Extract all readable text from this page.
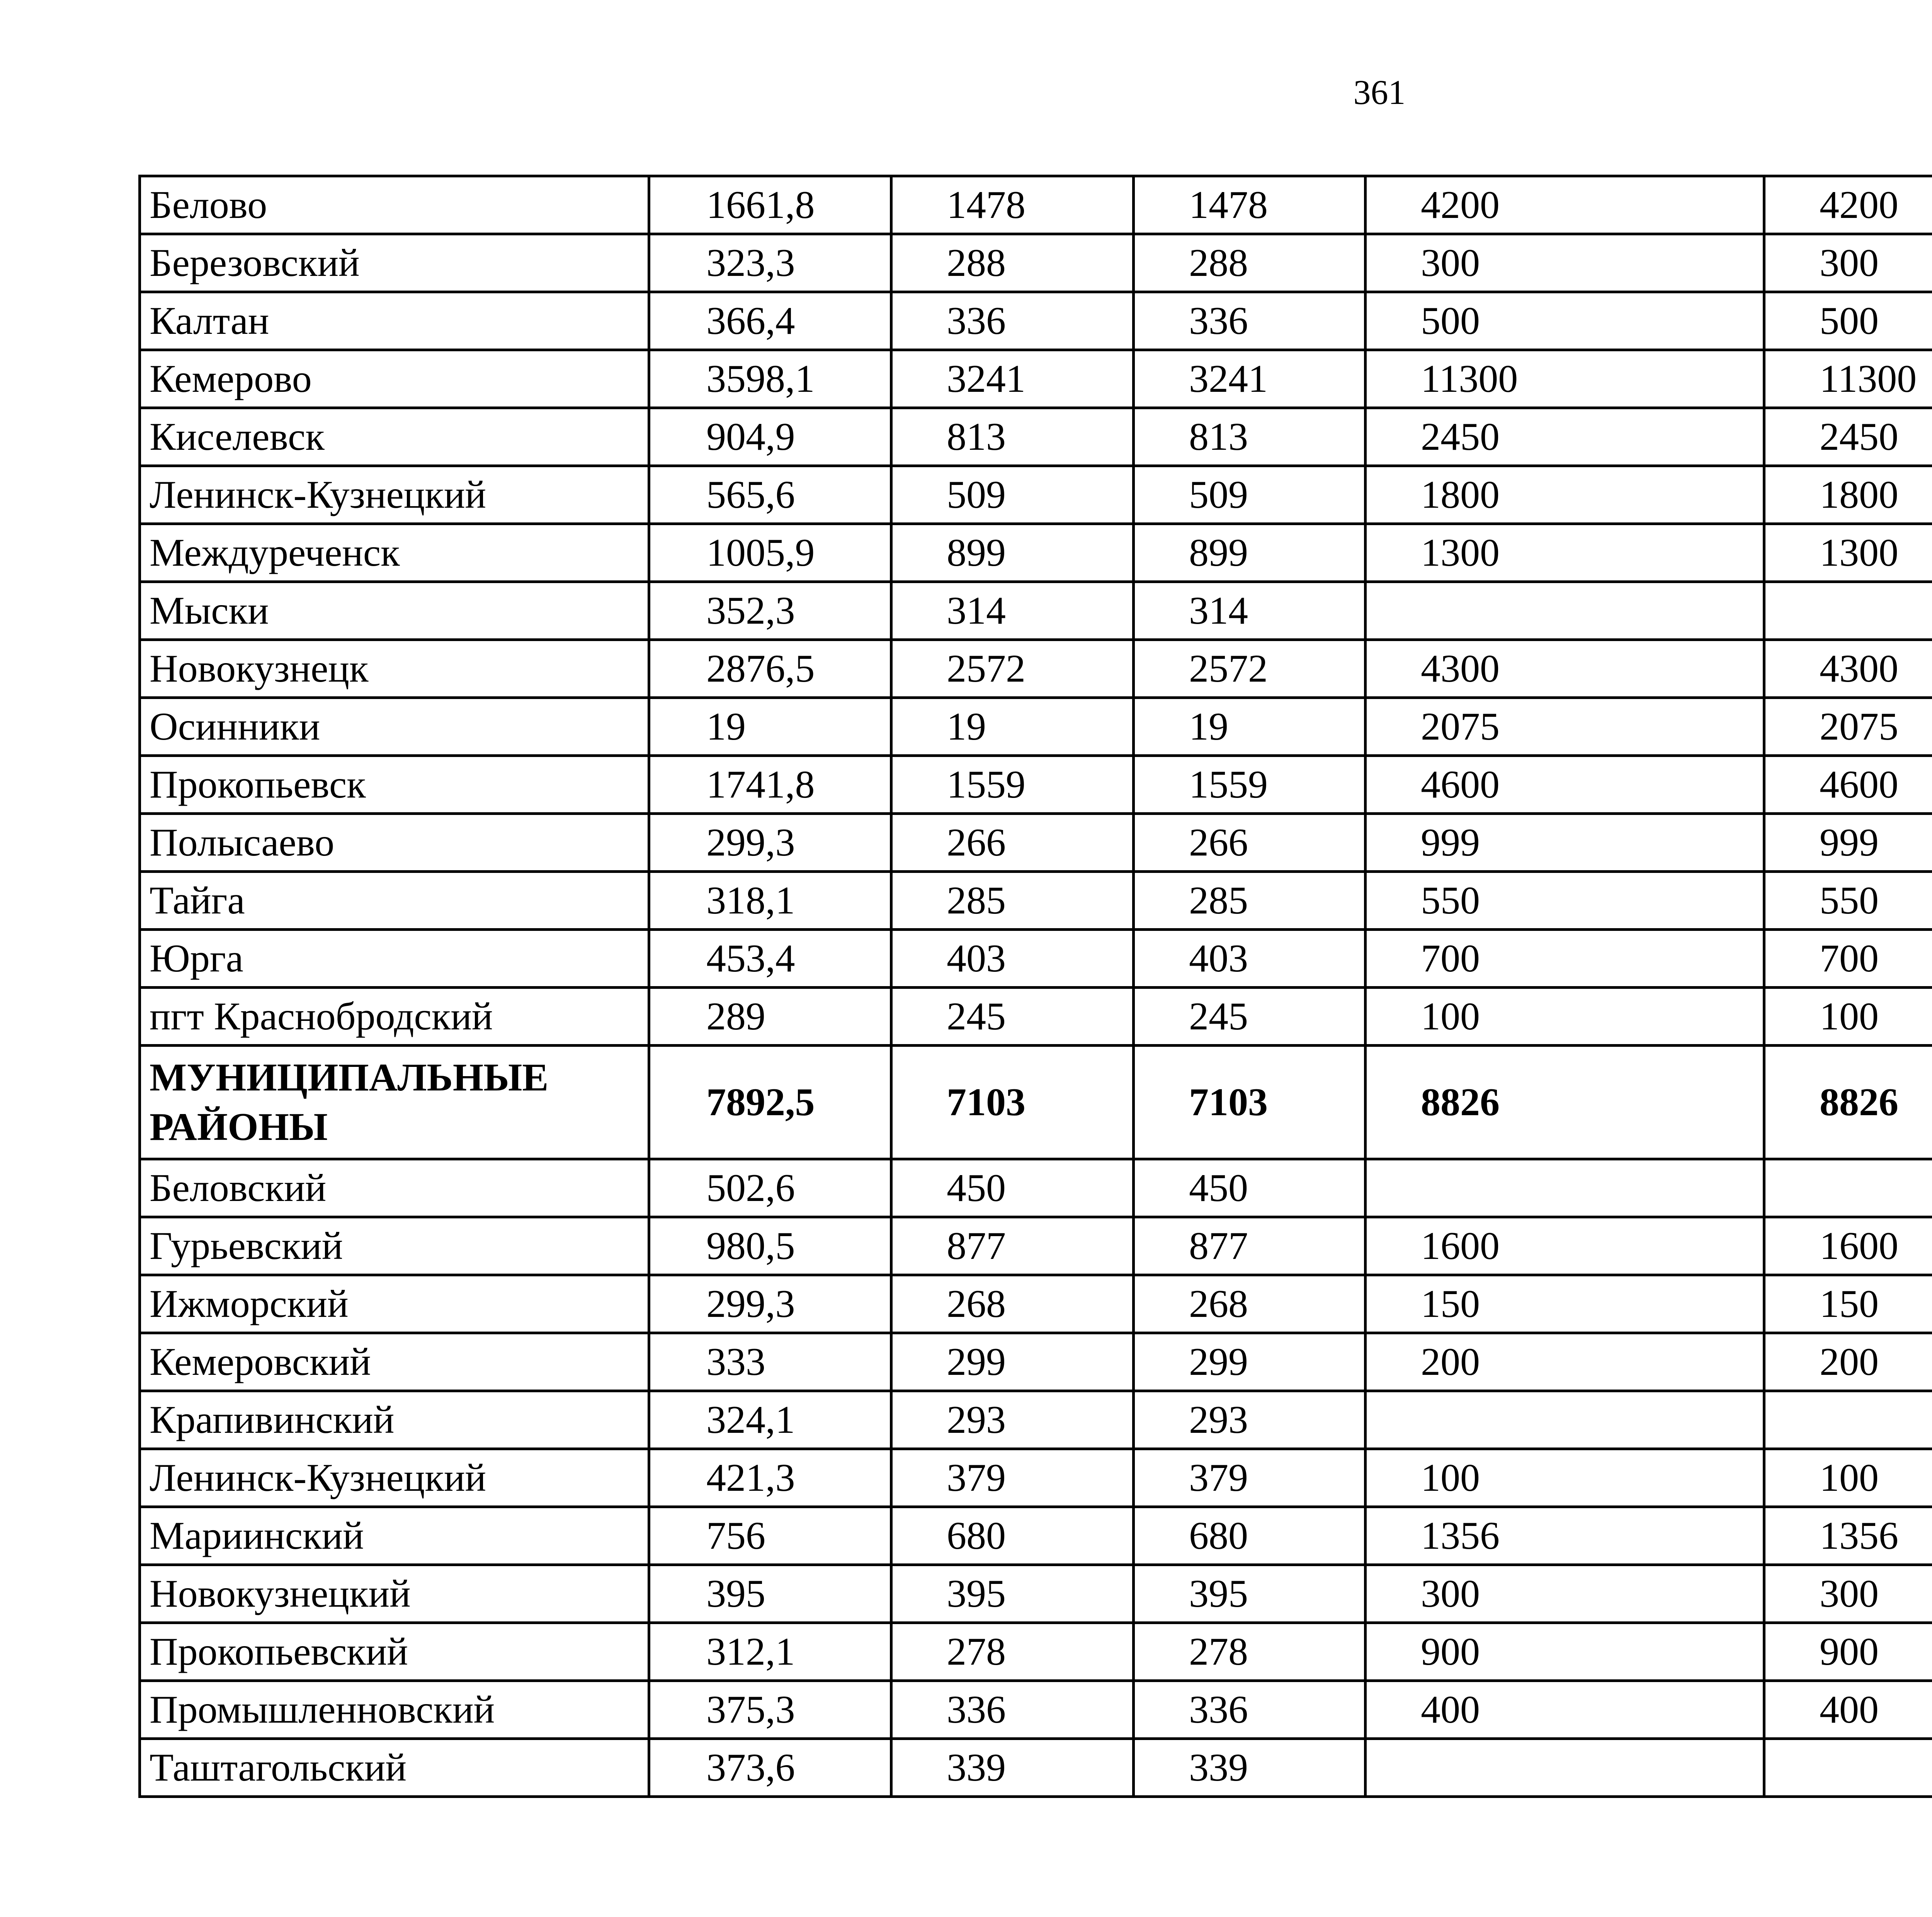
361
Белово	1661,8	1478	1478	4200	4200	
Березовский	323,3	288	288	300	300	
Калтан	366,4	336	336	500	500	
Кемерово	3598,1	3241	3241	11300	11300	
Киселевск	904,9	813	813	2450	2450	
Ленинск-Кузнецкий	565,6	509	509	1800	1800	
Междуреченск	1005,9	899	899	1300	1300	
Мыски	352,3	314	314			
Новокузнецк	2876,5	2572	2572	4300	4300	
Осинники	19	19	19	2075	2075	
Прокопьевск	1741,8	1559	1559	4600	4600	
Полысаево	299,3	266	266	999	999	
Тайга	318,1	285	285	550	550	
Юрга	453,4	403	403	700	700	
пгт Краснобродский	289	245	245	100	100	
МУНИЦИПАЛЬНЫЕ РАЙОНЫ	7892,5	7103	7103	8826	8826	
Беловский	502,6	450	450			
Гурьевский	980,5	877	877	1600	1600	
Ижморский	299,3	268	268	150	150	
Кемеровский	333	299	299	200	200	
Крапивинский	324,1	293	293			
Ленинск-Кузнецкий	421,3	379	379	100	100	
Мариинский	756	680	680	1356	1356	
Новокузнецкий	395	395	395	300	300	
Прокопьевский	312,1	278	278	900	900	
Промышленновский	375,3	336	336	400	400	
Таштагольский	373,6	339	339			
